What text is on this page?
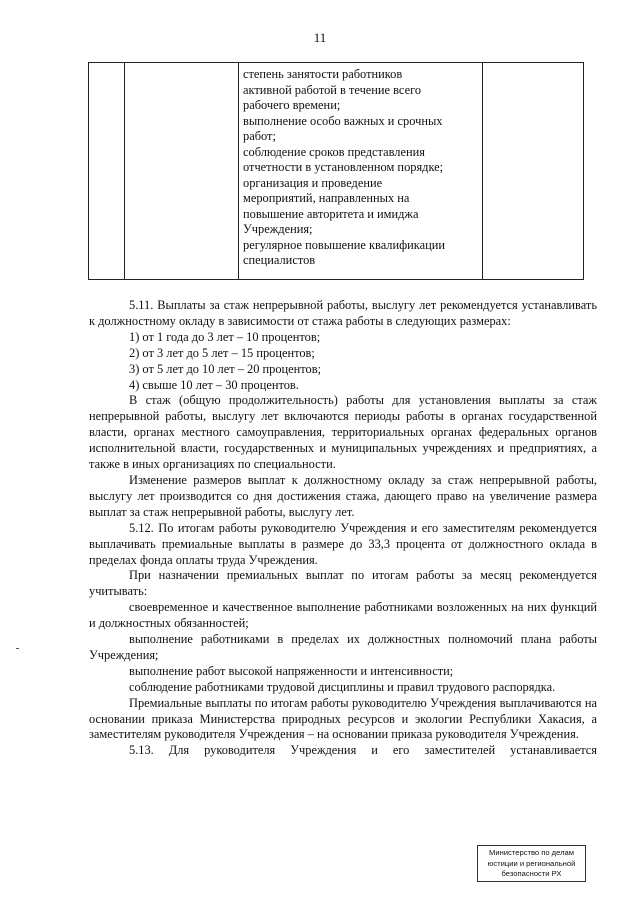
11

степень занятости работников
активной работой в течение всего
рабочего времени;
выполнение особо важных и срочных
работ;
соблюдение сроков представления
отчетности в установленном порядке;
организация и проведение
мероприятий, направленных на
повышение авторитета и имиджа
Учреждения;
регулярное повышение квалификации
специалистов

5.11. Выплаты за стаж непрерывной работы, выслугу лет рекомендуется устанавливать к должностному окладу в зависимости от стажа работы в следующих размерах:

1) от 1 года до 3 лет – 10 процентов;

2) от 3 лет до 5 лет – 15 процентов;

3) от 5 лет до 10 лет – 20 процентов;

4) свыше 10 лет – 30 процентов.

В стаж (общую продолжительность) работы для установления выплаты за стаж непрерывной работы, выслугу лет включаются периоды работы в органах государственной власти, органах местного самоуправления, территориальных органах федеральных органов исполнительной власти, государственных и муниципальных учреждениях и предприятиях, а также в иных организациях по специальности.

Изменение размеров выплат к должностному окладу за стаж непрерывной работы, выслугу лет производится со дня достижения стажа, дающего право на увеличение размера выплат за стаж непрерывной работы, выслугу лет.

5.12. По итогам работы руководителю Учреждения и его заместителям рекомендуется выплачивать премиальные выплаты в размере до 33,3 процента от должностного оклада в пределах фонда оплаты труда Учреждения.

При назначении премиальных выплат по итогам работы за месяц рекомендуется учитывать:

своевременное и качественное выполнение работниками возложенных на них функций и должностных обязанностей;

выполнение работниками в пределах их должностных полномочий плана работы Учреждения;

выполнение работ высокой напряженности и интенсивности;

соблюдение работниками трудовой дисциплины и правил трудового распорядка.

Премиальные выплаты по итогам работы руководителю Учреждения выплачиваются на основании приказа Министерства природных ресурсов и экологии Республики Хакасия, а заместителям руководителя Учреждения – на основании приказа руководителя Учреждения.

5.13. Для руководителя Учреждения и его заместителей устанавливается

Министерство по делам
юстиции и региональной
безопасности РХ
